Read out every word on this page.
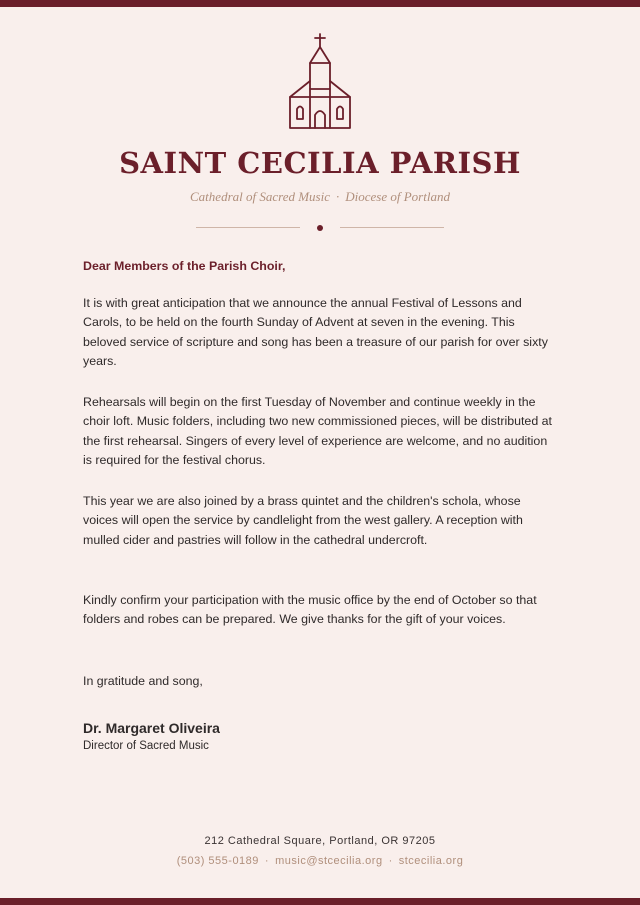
SAINT CECILIA PARISH
Cathedral of Sacred Music · Diocese of Portland
Dear Members of the Parish Choir,
It is with great anticipation that we announce the annual Festival of Lessons and Carols, to be held on the fourth Sunday of Advent at seven in the evening. This beloved service of scripture and song has been a treasure of our parish for over sixty years.
Rehearsals will begin on the first Tuesday of November and continue weekly in the choir loft. Music folders, including two new commissioned pieces, will be distributed at the first rehearsal. Singers of every level of experience are welcome, and no audition is required for the festival chorus.
This year we are also joined by a brass quintet and the children's schola, whose voices will open the service by candlelight from the west gallery. A reception with mulled cider and pastries will follow in the cathedral undercroft.
Kindly confirm your participation with the music office by the end of October so that folders and robes can be prepared. We give thanks for the gift of your voices.
In gratitude and song,
Dr. Margaret Oliveira
Director of Sacred Music
212 Cathedral Square, Portland, OR 97205
(503) 555-0189 · music@stcecilia.org · stcecilia.org
